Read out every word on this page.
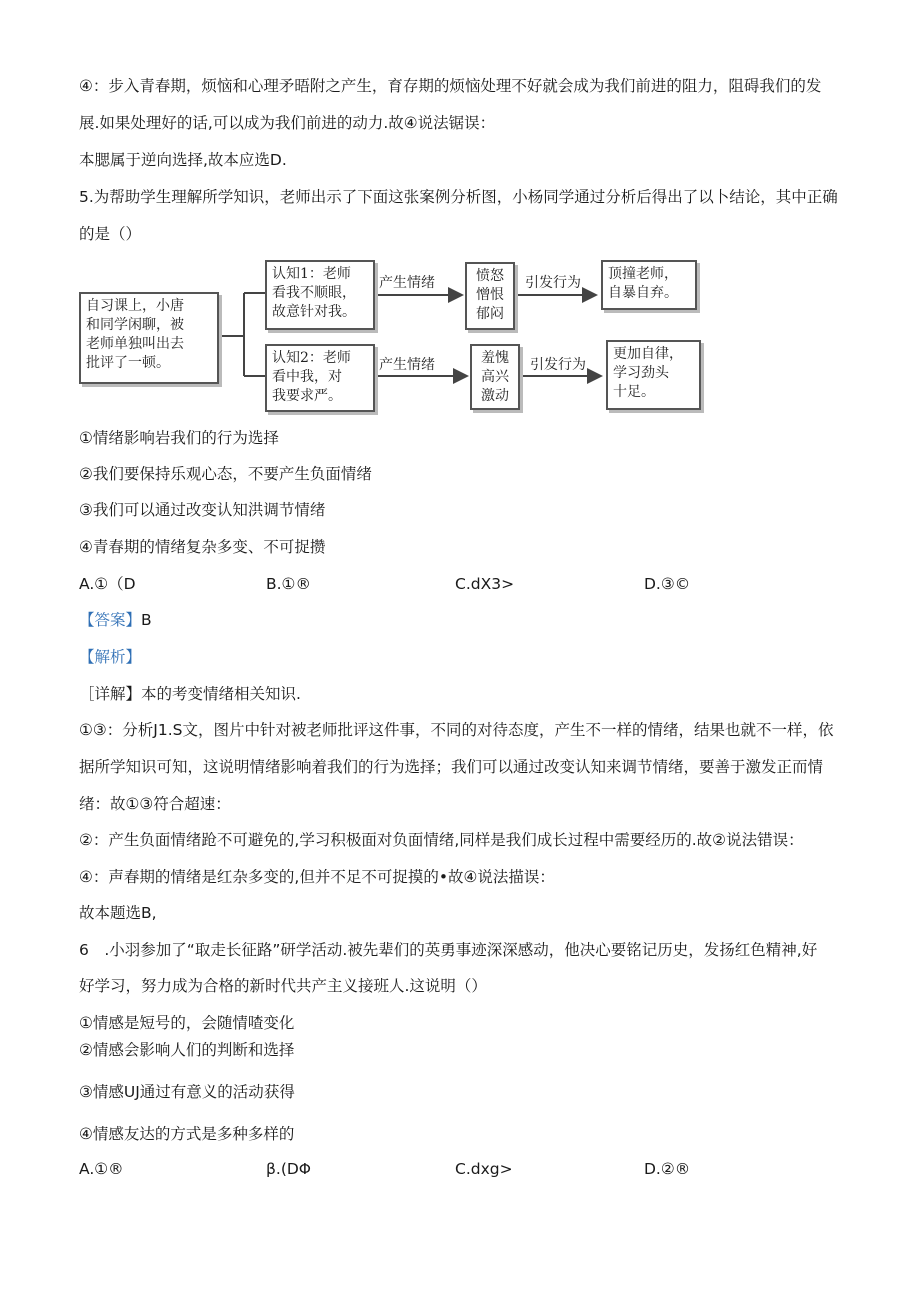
④：步入青春期，烦恼和心理矛晤附之产生，育存期的烦恼处理不好就会成为我们前进的阻力，阻碍我们的发
展.如果处理好的话,可以成为我们前进的动力.故④说法锯误：
本腮属于逆向选择,故本应选D.
5.为帮助学生理解所学知识，老师出示了下面这张案例分析图，小杨同学通过分析后得出了以卜结论，其中正确
的是（）
自习课上，小唐
和同学闲聊，被
老师单独叫出去
批评了一顿。
认知1：老师
看我不顺眼，
故意针对我。
产生情绪	愤怒
憎恨
郁闷
引发行为
顶撞老师，
自暴自弃。
认知2：老师
看中我，对
我要求严。
产生情绪	羞愧
高兴
激动
引发行为
更加自律，
学习劲头
十足。
①情绪影响岩我们的行为选择
②我们要保持乐观心态，不要产生负面情绪
③我们可以通过改变认知洪调节情绪
④青春期的情绪复杂多变、不可捉攒
A.①（D	B.①®	C.dX3>	D.③©
【答案】B
【解析】
［详解】本的考变情绪相关知识.
①③：分析J1.S文，图片中针对被老师批评这件事，不同的对待态度，产生不一样的情绪，结果也就不一样，依
据所学知识可知，这说明情绪影响着我们的行为选择；我们可以通过改变认知来调节情绪，要善于激发正而情
绪：故①③符合超速：
②：产生负面情绪跄不可避免的,学习积极面对负面情绪,同样是我们成长过程中需要经历的.故②说法错误：
④：声春期的情绪是红杂多变的,但并不足不可捉摸的•故④说法描误：
故本题选B,
6　.小羽参加了“取走长征路”研学活动.被先辈们的英勇事迹深深感动，他决心要铭记历史，发扬红色精神,好
好学习，努力成为合格的新时代共产主义接班人.这说明（）
①情感是短号的，会随情喳变化
②情感会影响人们的判断和选择
③情感UJ通过有意义的活动获得
④情感友达的方式是多种多样的
A.①®	β.(DΦ	C.dxg>	D.②®
